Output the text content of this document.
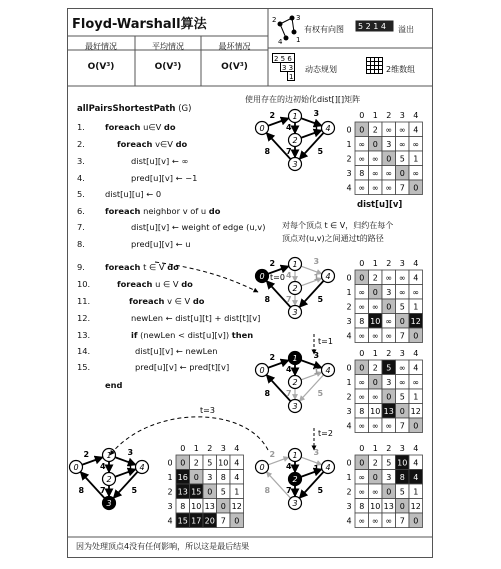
Floyd-Warshall算法
最好情况	平均情况	最坏情况
O(V³)	O(V³)	O(V³)
2	3
1
4
有权有向图 5 2 1 4 溢出
2 5 6
3 3
1
动态规划	2维数组
allPairsShortestPath (G)
使用存在的边初始化dist[][]矩阵
1. foreach u∈V do
2.	foreach v∈V do
3.	dist[u][v] ← ∞
4.	pred[u][v] ← −1
5. dist[u][u] ← 0
6. foreach neighbor v of u do
7.	dist[u][v] ← weight of edge (u,v)
8.	pred[u][v] ← u
9. foreach t ∈ V do
10.	foreach u ∈ V do
11.	foreach v ∈ V do
12.	newLen ← dist[u][t] + dist[t][v]
13.	if (newLen < dist[u][v]) then
14.	dist[u][v] ← newLen
15.	pred[u][v] ← pred[t][v]
end
dist[u][v]
对每个顶点 t ∈ V，归约在每个
顶点对(u,v)之间通过t的路径
因为处理顶点4没有任何影响，所以这是最后结果
t=0
t=1
t=2
t=3
0
0
1
1
2
2
3
3
4
4
0 2 ∞ ∞ 4
∞ 0 3 ∞ ∞
∞ ∞ 0 5 1
8 ∞ ∞ 0 ∞
∞ ∞ ∞ 7 0
0
0
1
1
2
2
3
3
4
4
0 2 ∞ ∞ 4
∞ 0 3 ∞ ∞
∞ ∞ 0 5 1
8 10 ∞ 0 12
∞ ∞ ∞ 7 0
0
0
1
1
2
2
3
3
4
4
0 2 5 ∞ 4
∞ 0 3 ∞ ∞
∞ ∞ 0 5 1
8 10 13 0 12
∞ ∞ ∞ 7 0
0
0
1
1
2
2
3
3
4
4
0 2 5 10 4
∞ 0 3 8 4
∞ ∞ 0 5 1
8 10 13 0 12
∞ ∞ ∞ 7 0
0
0
1
1
2
2
3
3
4
4
0 2 5 10 4
16 0 3 8 4
13 15 0 5 1
8 10 13 0 12
15 17 20 7 0
2	3
4	1
8 7	5
0
1
2
3
4
2	3
4	1
8 7	5
0
1
2
3
4
2	3
4	1
8 7	5
0
1
2
3
4
2	3
4	1
8 7	5
0
1
2
3
4
2	3
4	1
8 7	5
0
1
2
3
4
